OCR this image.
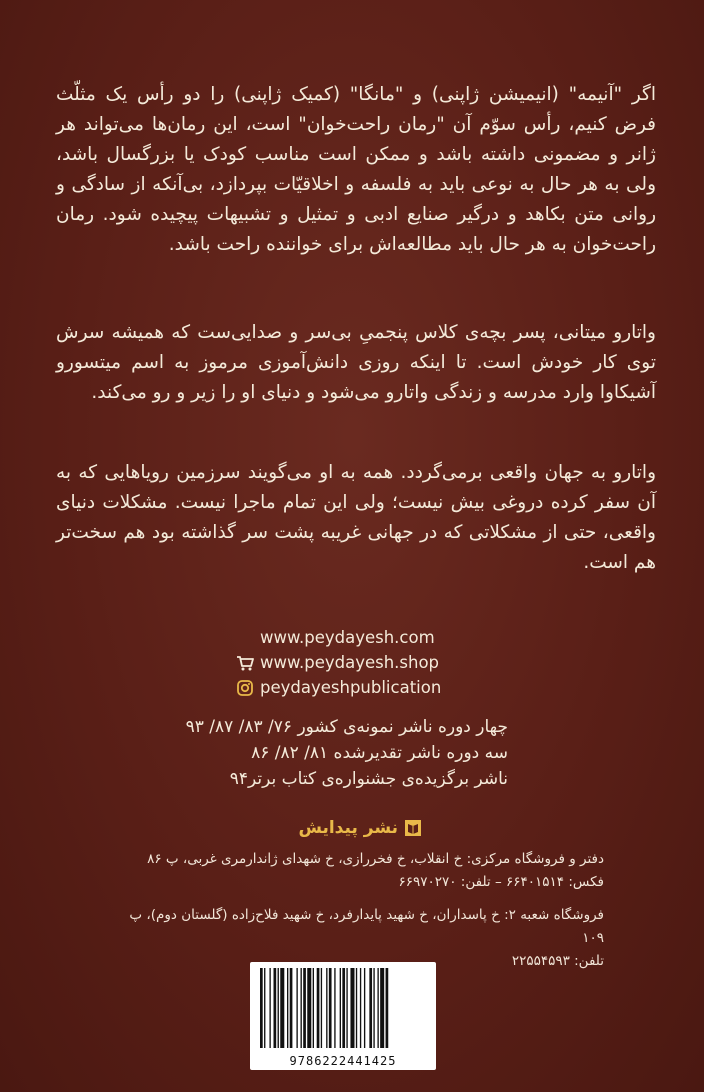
اگر "آنیمه" (انیمیشن ژاپنی) و "مانگا" (کمیک ژاپنی) را دو رأس یک مثلّث فرض کنیم، رأس سوّم آن "رمان راحت‌خوان" است، این رمان‌ها می‌تواند هر ژانر و مضمونی داشته باشد و ممکن است مناسب کودک یا بزرگسال باشد، ولی به هر حال به نوعی باید به فلسفه و اخلاقیّات بپردازد، بی‌آنکه از سادگی و روانی متن بکاهد و درگیر صنایع ادبی و تمثیل و تشبیهات پیچیده شود. رمان راحت‌خوان به هر حال باید مطالعه‌اش برای خواننده راحت باشد.

واتارو میتانی، پسر بچه‌ی کلاس پنجمیِ بی‌سر و صدایی‌ست که همیشه سرش توی کار خودش است. تا اینکه روزی دانش‌آموزی مرموز به اسم میتسورو آشیکاوا وارد مدرسه و زندگی واتارو می‌شود و دنیای او را زیر و رو می‌کند.

واتارو به جهان واقعی برمی‌گردد. همه به او می‌گویند سرزمین رویاهایی که به آن سفر کرده دروغی بیش نیست؛ ولی این تمام ماجرا نیست. مشکلات دنیای واقعی، حتی از مشکلاتی که در جهانی غریبه پشت سر گذاشته بود هم سخت‌تر هم است.

www.peydayesh.com
www.peydayesh.shop
peydayeshpublication
چهار دوره ناشر نمونه‌ی کشور ۷۶/ ۸۳/ ۸۷/ ۹۳
سه دوره ناشر تقدیرشده ۸۱/ ۸۲/ ۸۶
ناشر برگزیده‌ی جشنواره‌ی کتاب برتر۹۴
نشر پیدایش
دفتر و فروشگاه مرکزی: خ انقلاب، خ فخررازی، خ شهدای ژاندارمری غربی، پ ۸۶
فکس: ۶۶۴۰۱۵۱۴ – تلفن: ۶۶۹۷۰۲۷۰
فروشگاه شعبه ۲: خ پاسداران، خ شهید پایدارفرد، خ شهید فلاح‌زاده (گلستان دوم)، پ ۱۰۹
تلفن: ۲۲۵۵۴۵۹۳
9786222441425
